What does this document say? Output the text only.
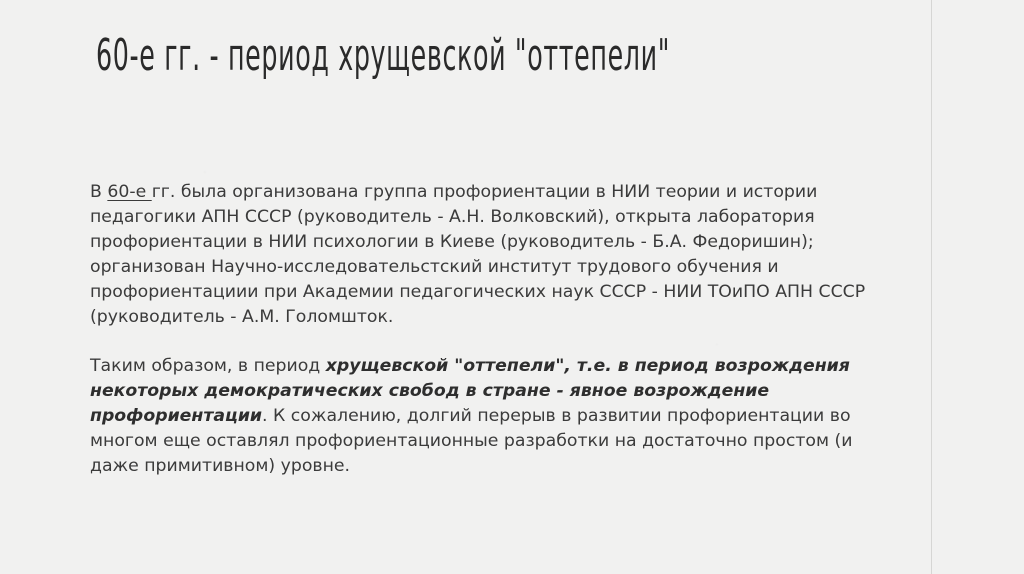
60-е гг. - период хрущевской "оттепели"

В 60-е гг. была организована группа профориентации в НИИ теории и истории педагогики АПН СССР (руководитель - А.Н. Волковский), открыта лаборатория профориентации в НИИ психологии в Киеве (руководитель - Б.А. Федоришин); организован Научно-исследовательстский институт трудового обучения и профориентациии при Академии педагогических наук СССР - НИИ ТОиПО АПН СССР (руководитель - А.М. Голомшток.

Таким образом, в период хрущевской "оттепели", т.е. в период возрождения некоторых демократических свобод в стране - явное возрождение профориентации. К сожалению, долгий перерыв в развитии профориентации во многом еще оставлял профориентационные разработки на достаточно простом (и даже примитивном) уровне.
